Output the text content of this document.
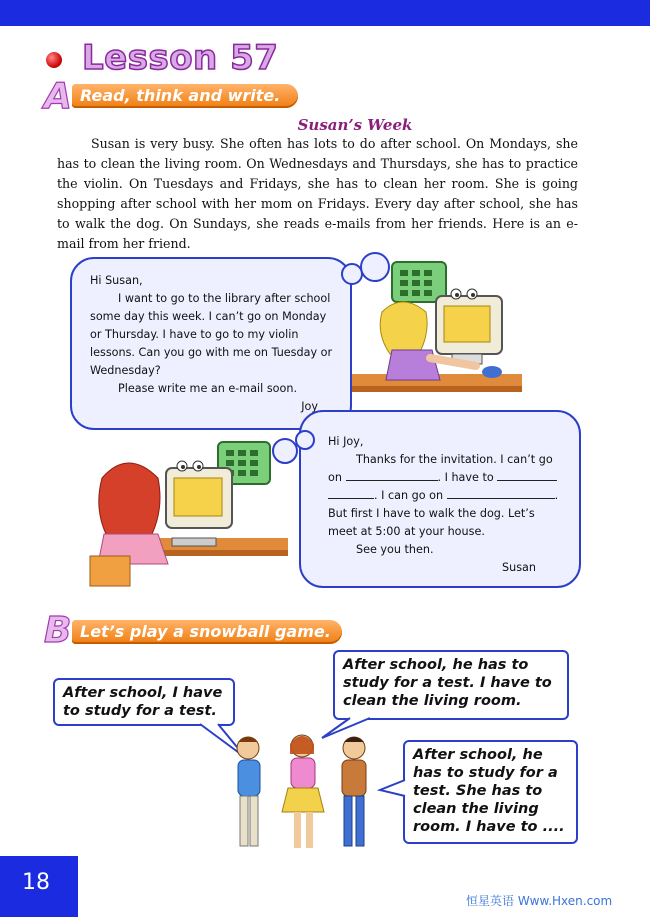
Lesson 57
A Read, think and write.
Susan’s Week

Susan is very busy. She often has lots to do after school. On Mondays, she has to clean the living room. On Wednesdays and Thursdays, she has to practice the violin. On Tuesdays and Fridays, she has to clean her room. She is going shopping after school with her mom on Fridays. Every day after school, she has to walk the dog. On Sundays, she reads e-mails from her friends. Here is an e-mail from her friend.

Hi Susan,

I want to go to the library after school

some day this week. I can’t go on Monday

or Thursday. I have to go to my violin

lessons. Can you go with me on Tuesday or

Wednesday?

Please write me an e-mail soon.

Joy

Hi Joy,

Thanks for the invitation. I can’t go

on	. I have to

. I can go on	.

But first I have to walk the dog. Let’s

meet at 5:00 at your house.

See you then.

Susan

B Let’s play a snowball game.
After school, I have to study for a test.
After school, he has to study for a test. I have to clean the living room.
After school, he has to study for a test. She has to clean the living room. I have to ....
18
恒星英语 Www.Hxen.com
